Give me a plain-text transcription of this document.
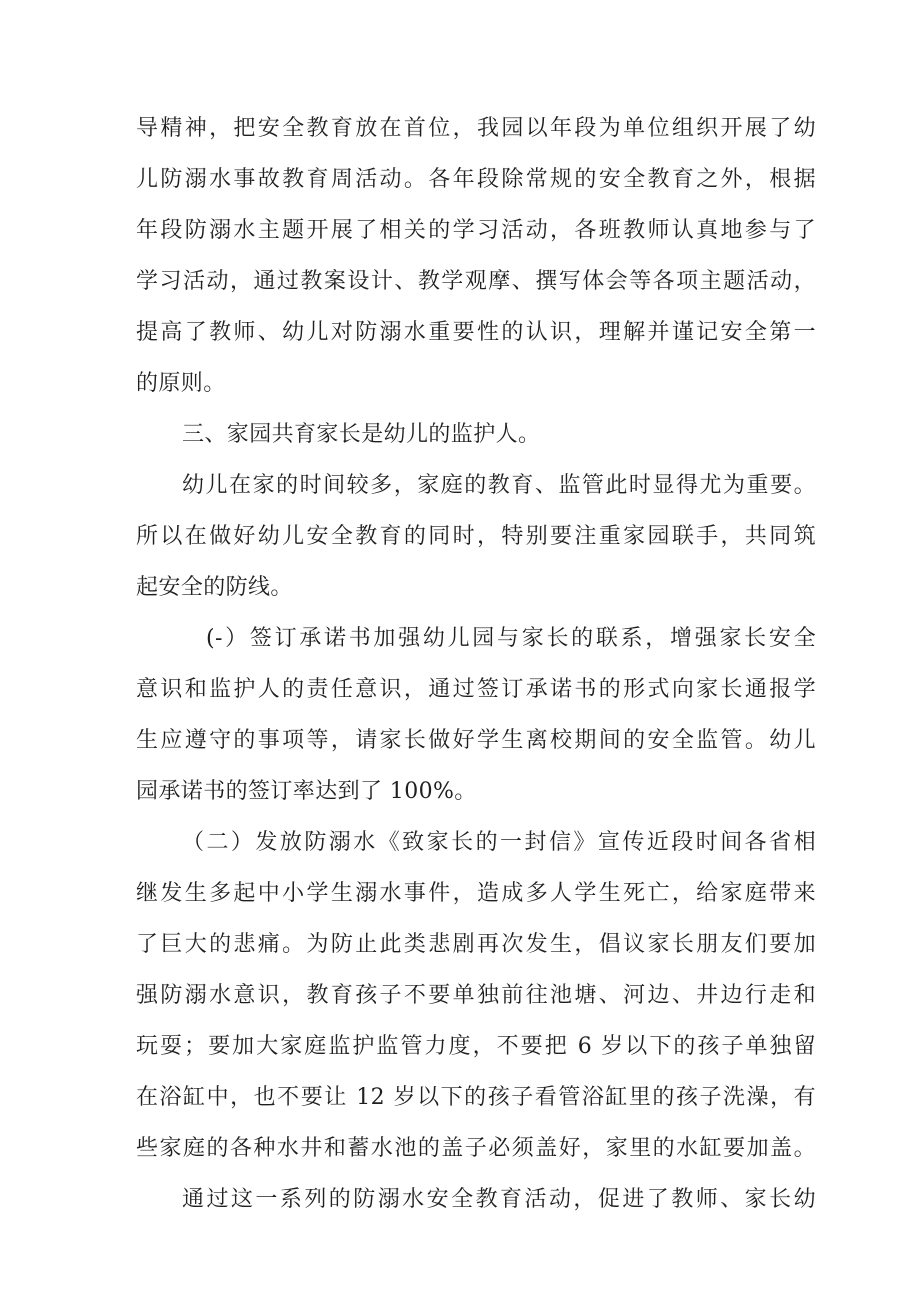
导精神，把安全教育放在首位，我园以年段为单位组织开展了幼
儿防溺水事故教育周活动。各年段除常规的安全教育之外，根据
年段防溺水主题开展了相关的学习活动，各班教师认真地参与了
学习活动，通过教案设计、教学观摩、撰写体会等各项主题活动，
提高了教师、幼儿对防溺水重要性的认识，理解并谨记安全第一
的原则。
三、家园共育家长是幼儿的监护人。
幼儿在家的时间较多，家庭的教育、监管此时显得尤为重要。
所以在做好幼儿安全教育的同时，特别要注重家园联手，共同筑
起安全的防线。
(-）签订承诺书加强幼儿园与家长的联系，增强家长安全
意识和监护人的责任意识，通过签订承诺书的形式向家长通报学
生应遵守的事项等，请家长做好学生离校期间的安全监管。幼儿
园承诺书的签订率达到了 100%。
（二）发放防溺水《致家长的一封信》宣传近段时间各省相
继发生多起中小学生溺水事件，造成多人学生死亡，给家庭带来
了巨大的悲痛。为防止此类悲剧再次发生，倡议家长朋友们要加
强防溺水意识，教育孩子不要单独前往池塘、河边、井边行走和
玩耍；要加大家庭监护监管力度，不要把 6 岁以下的孩子单独留
在浴缸中，也不要让 12 岁以下的孩子看管浴缸里的孩子洗澡，有
些家庭的各种水井和蓄水池的盖子必须盖好，家里的水缸要加盖。
通过这一系列的防溺水安全教育活动，促进了教师、家长幼
